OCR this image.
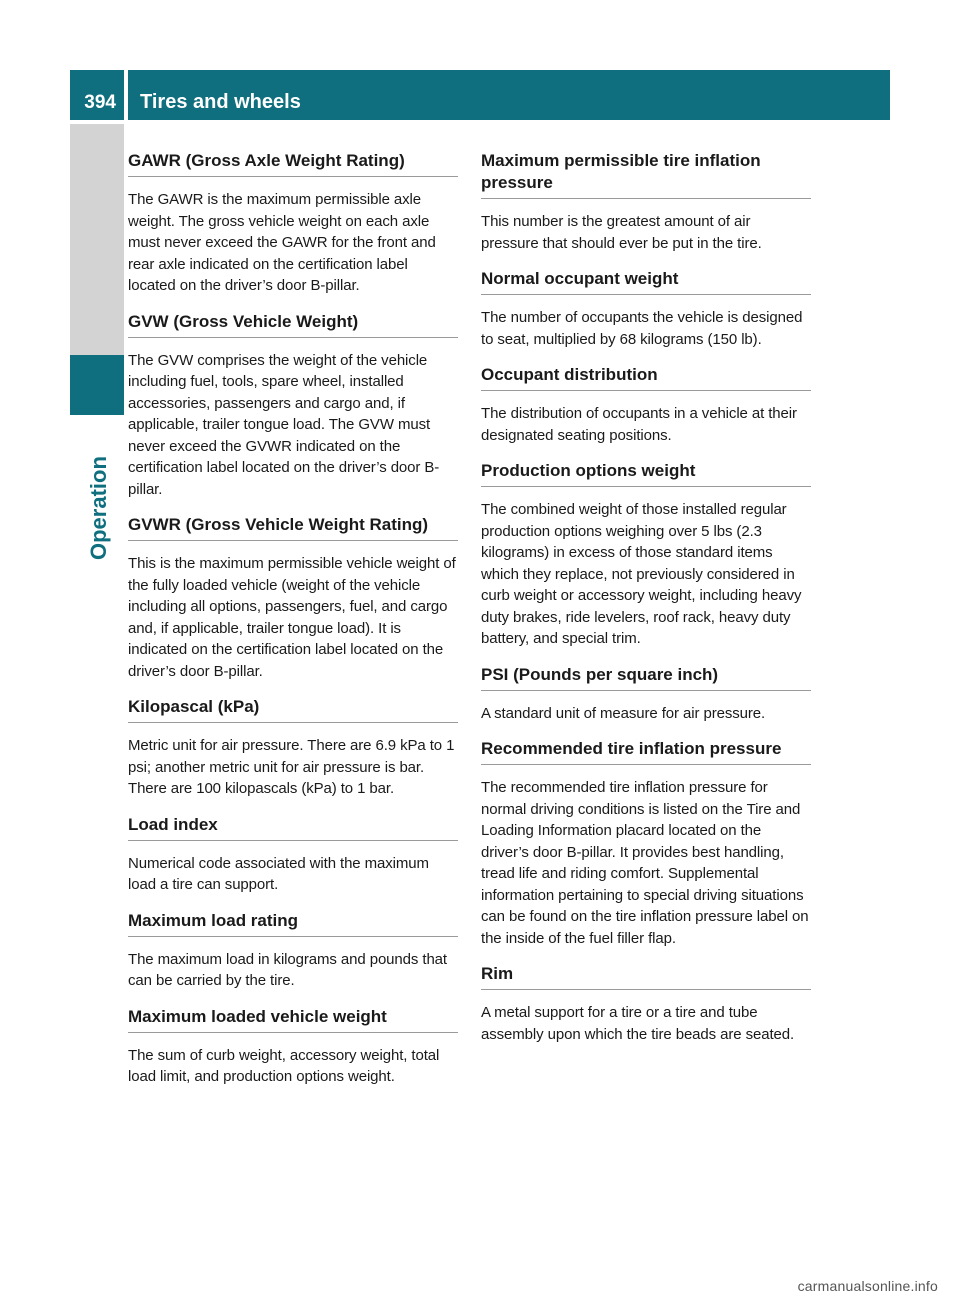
394 Tires and wheels
Operation
GAWR (Gross Axle Weight Rating)

The GAWR is the maximum permissible axle weight. The gross vehicle weight on each axle must never exceed the GAWR for the front and rear axle indicated on the certification label located on the driver’s door B-pillar.

GVW (Gross Vehicle Weight)

The GVW comprises the weight of the vehicle including fuel, tools, spare wheel, installed accessories, passengers and cargo and, if applicable, trailer tongue load. The GVW must never exceed the GVWR indicated on the certification label located on the driver’s door B-pillar.

GVWR (Gross Vehicle Weight Rating)

This is the maximum permissible vehicle weight of the fully loaded vehicle (weight of the vehicle including all options, passengers, fuel, and cargo and, if applicable, trailer tongue load). It is indicated on the certification label located on the driver’s door B-pillar.

Kilopascal (kPa)

Metric unit for air pressure. There are 6.9 kPa to 1 psi; another metric unit for air pressure is bar. There are 100 kilopascals (kPa) to 1 bar.

Load index

Numerical code associated with the maximum load a tire can support.

Maximum load rating

The maximum load in kilograms and pounds that can be carried by the tire.

Maximum loaded vehicle weight

The sum of curb weight, accessory weight, total load limit, and production options weight.

Maximum permissible tire inflation pressure

This number is the greatest amount of air pressure that should ever be put in the tire.

Normal occupant weight

The number of occupants the vehicle is designed to seat, multiplied by 68 kilograms (150 lb).

Occupant distribution

The distribution of occupants in a vehicle at their designated seating positions.

Production options weight

The combined weight of those installed regular production options weighing over 5 lbs (2.3 kilograms) in excess of those standard items which they replace, not previously considered in curb weight or accessory weight, including heavy duty brakes, ride levelers, roof rack, heavy duty battery, and special trim.

PSI (Pounds per square inch)

A standard unit of measure for air pressure.

Recommended tire inflation pressure

The recommended tire inflation pressure for normal driving conditions is listed on the Tire and Loading Information placard located on the driver’s door B-pillar. It provides best handling, tread life and riding comfort. Supplemental information pertaining to special driving situations can be found on the tire inflation pressure label on the inside of the fuel filler flap.

Rim

A metal support for a tire or a tire and tube assembly upon which the tire beads are seated.

carmanualsonline.info
